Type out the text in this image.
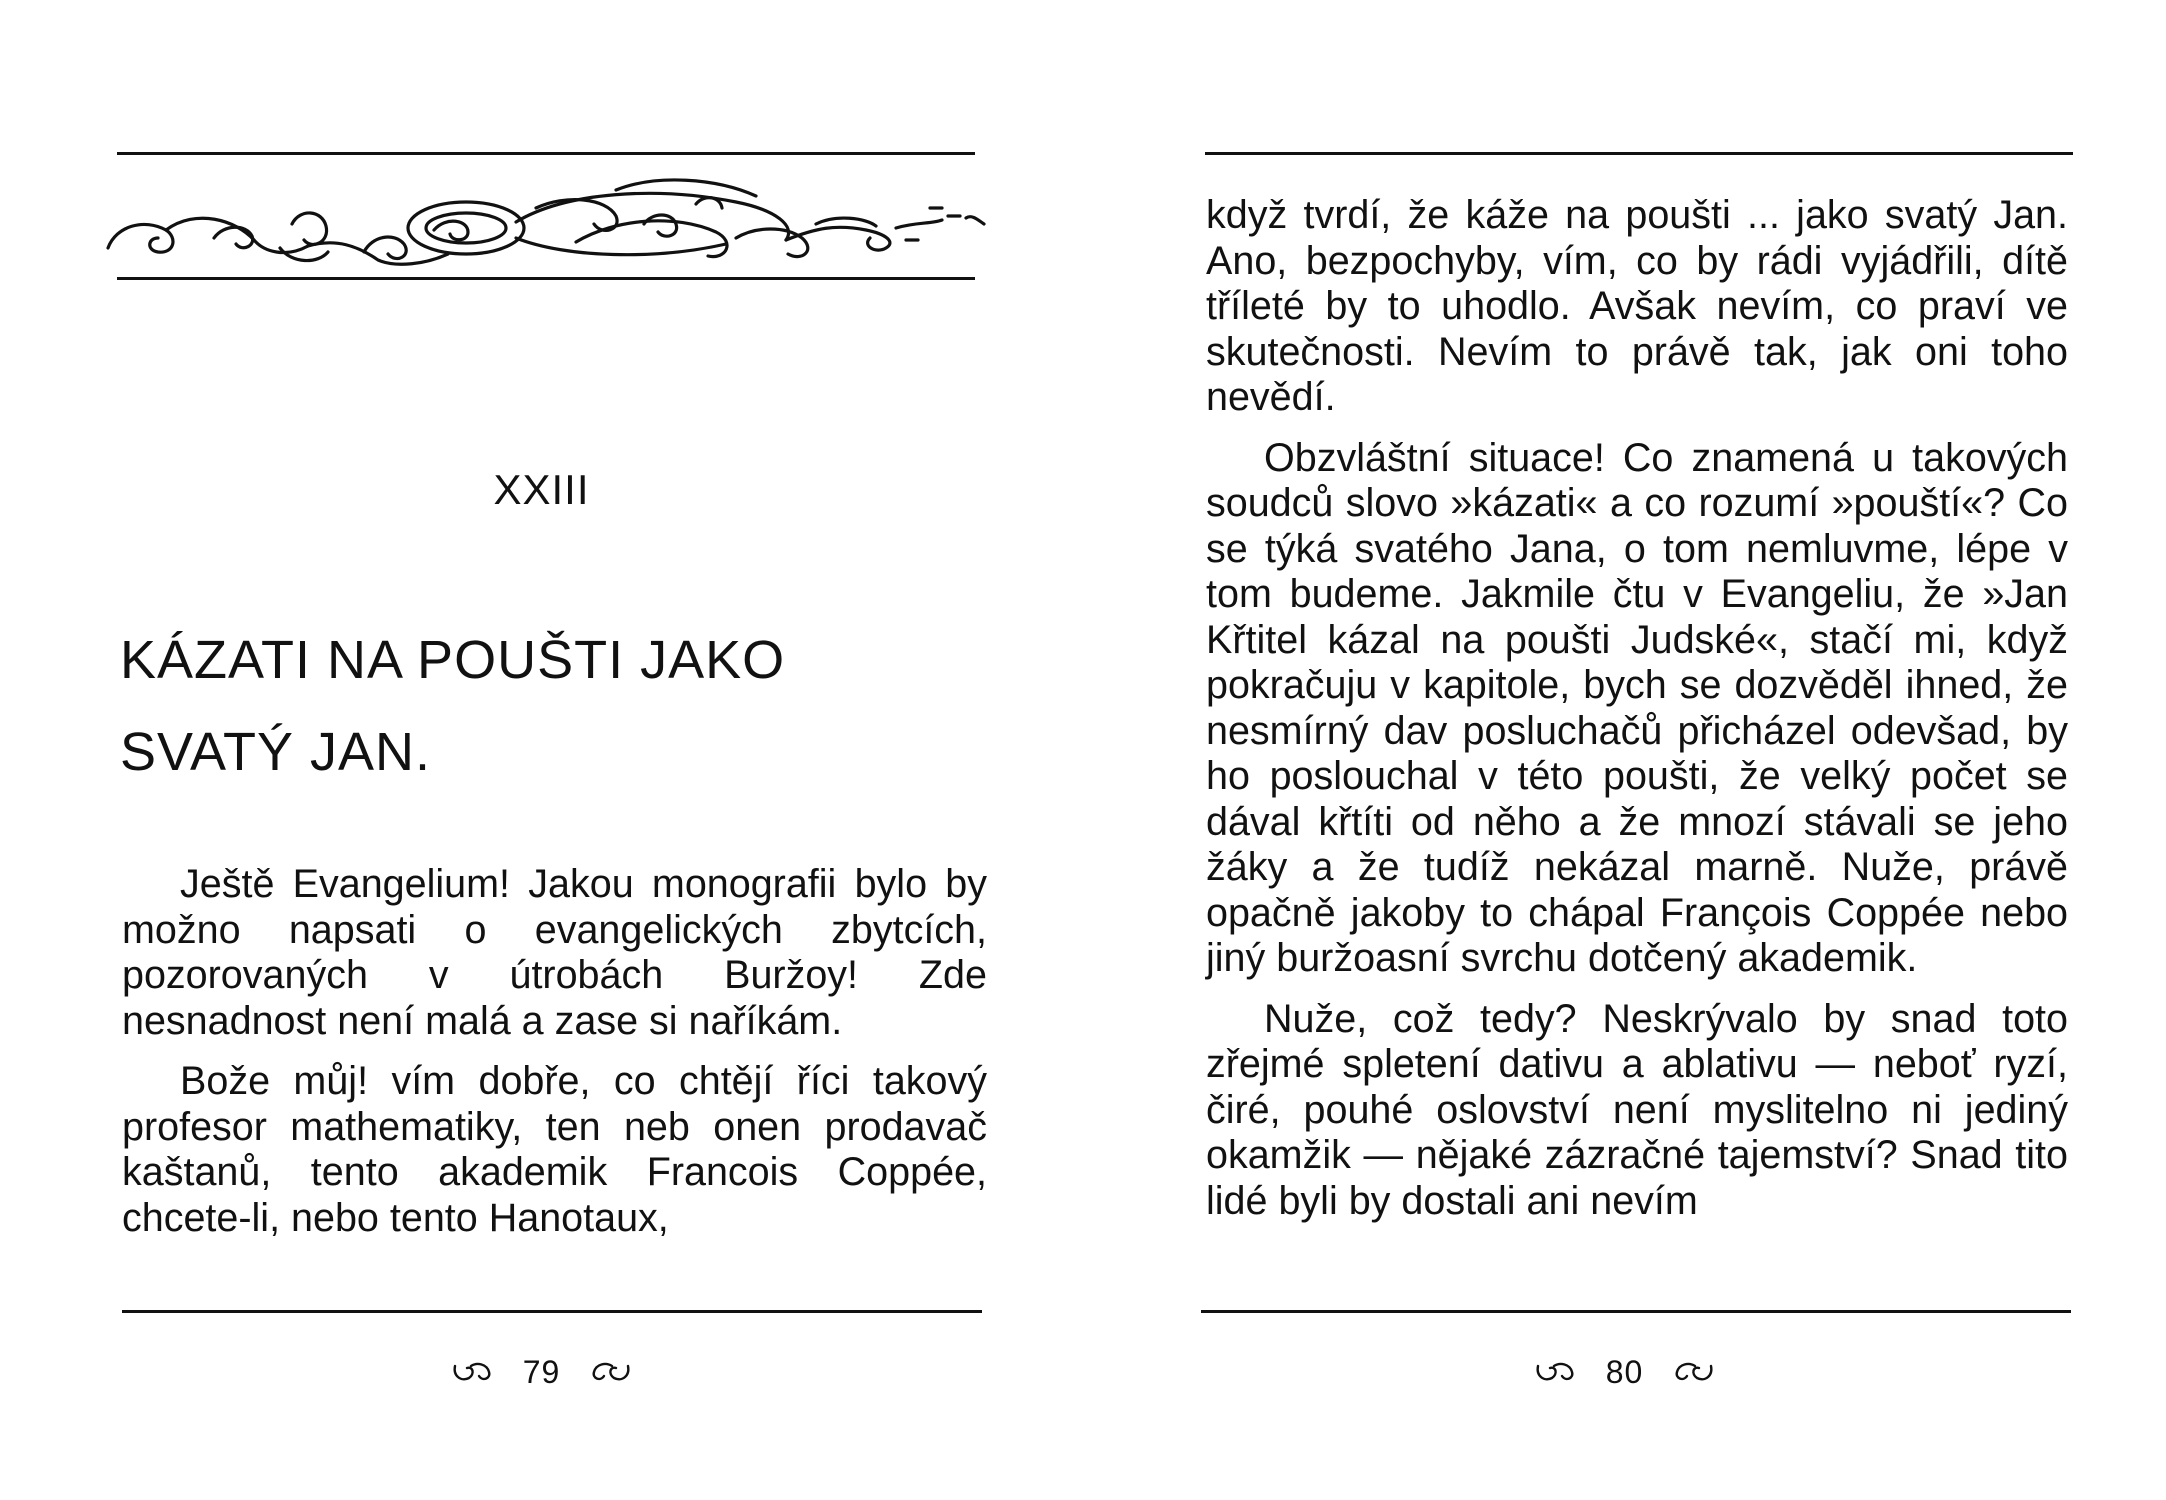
XXIII
KÁZATI NA POUŠTI JAKO
SVATÝ JAN.

Ještě Evangelium! Jakou monografii bylo by možno napsati o evangelických zbytcích, pozorovaných v útrobách Buržoy! Zde nesnadnost není malá a zase si naříkám.

Bože můj! vím dobře, co chtějí říci takový profesor mathematiky, ten neb onen prodavač kaštanů, tento akademik Francois Coppée, chcete-li, nebo tento Hanotaux,

79

když tvrdí, že káže na poušti ... jako svatý Jan. Ano, bezpochyby, vím, co by rádi vyjádřili, dítě tříleté by to uhodlo. Avšak nevím, co praví ve skutečnosti. Nevím to právě tak, jak oni toho nevědí.

Obzvláštní situace! Co znamená u takových soudců slovo »kázati« a co rozumí »pouští«? Co se týká svatého Jana, o tom nemluvme, lépe v tom budeme. Jakmile čtu v Evangeliu, že »Jan Křtitel kázal na poušti Judské«, stačí mi, když pokračuju v kapitole, bych se dozvěděl ihned, že nesmírný dav posluchačů přicházel odevšad, by ho poslouchal v této poušti, že velký počet se dával křtíti od něho a že mnozí stávali se jeho žáky a že tudíž nekázal marně. Nuže, právě opačně jakoby to chápal François Coppée nebo jiný buržoasní svrchu dotčený akademik.

Nuže, což tedy? Neskrývalo by snad toto zřejmé spletení dativu a ablativu — neboť ryzí, čiré, pouhé oslovství není myslitelno ni jediný okamžik — nějaké zázračné tajemství? Snad tito lidé byli by dostali ani nevím

80
